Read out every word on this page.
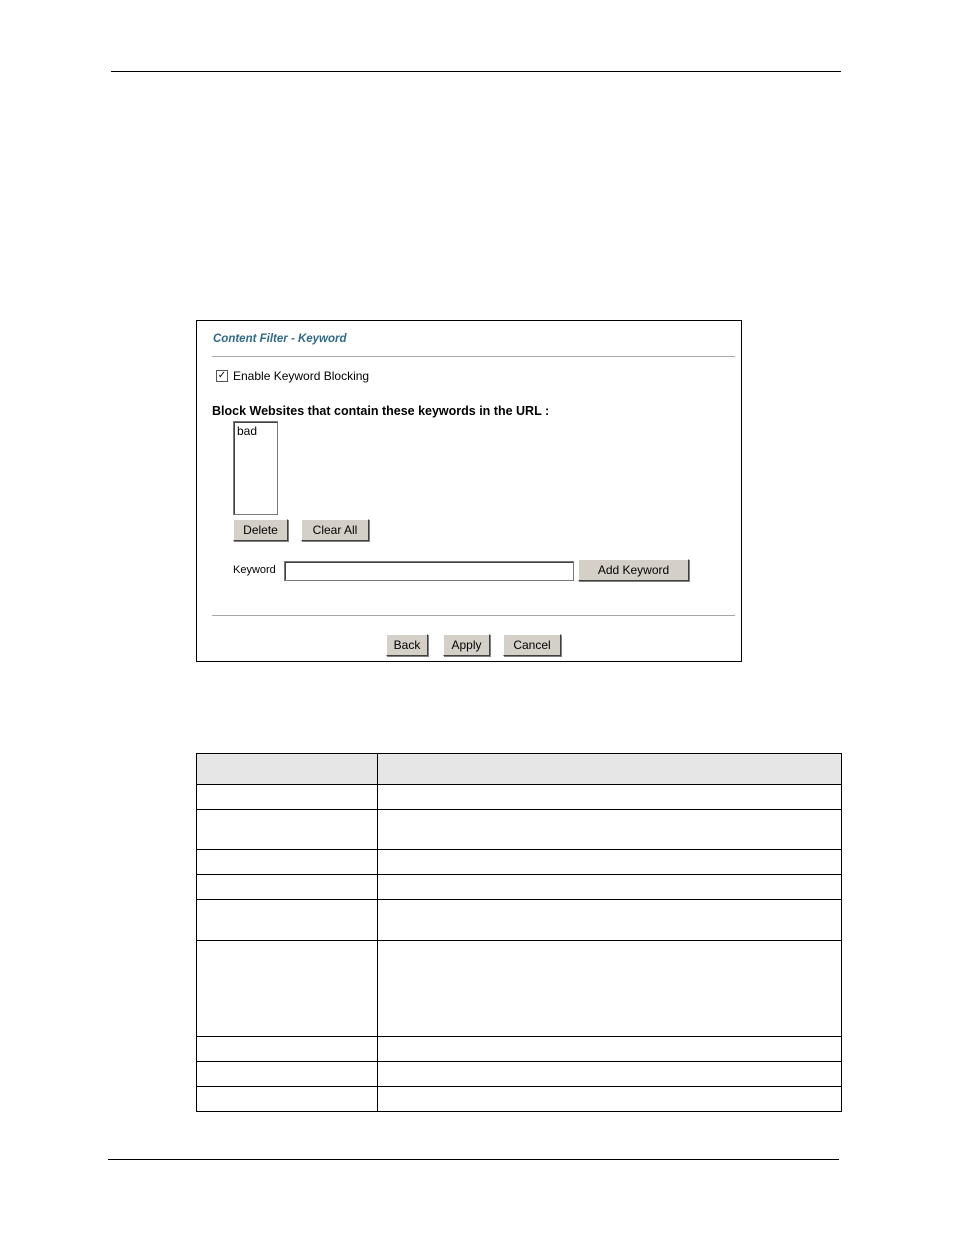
Content Filter - Keyword
✓ Enable Keyword Blocking
Block Websites that contain these keywords in the URL :
bad
Delete	Clear All
Keyword	Add Keyword
Back	Apply	Cancel
